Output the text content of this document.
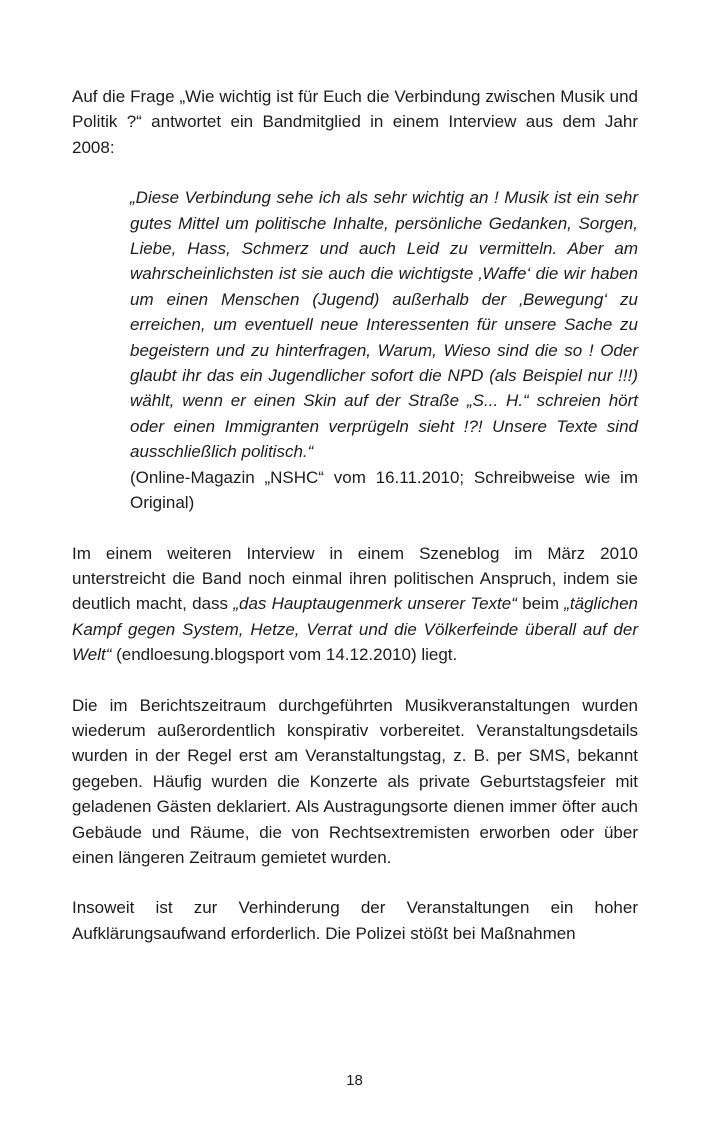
Auf die Frage „Wie wichtig ist für Euch die Verbindung zwischen Musik und Politik ?“ antwortet ein Bandmitglied in einem Interview aus dem Jahr 2008:

„Diese Verbindung sehe ich als sehr wichtig an ! Musik ist ein sehr gutes Mittel um politische Inhalte, persönliche Gedanken, Sorgen, Liebe, Hass, Schmerz und auch Leid zu vermitteln. Aber am wahrscheinlichsten ist sie auch die wichtigste ‚Waffe‘ die wir haben um einen Menschen (Jugend) außerhalb der ‚Bewegung‘ zu erreichen, um eventuell neue Interessenten für unsere Sache zu begeistern und zu hinterfragen, Warum, Wieso sind die so ! Oder glaubt ihr das ein Jugendlicher sofort die NPD (als Beispiel nur !!!) wählt, wenn er einen Skin auf der Straße „S... H.“ schreien hört oder einen Immigranten verprügeln sieht !?! Unsere Texte sind ausschließlich politisch.“

(Online-Magazin „NSHC“ vom 16.11.2010; Schreibweise wie im Original)

Im einem weiteren Interview in einem Szeneblog im März 2010 unterstreicht die Band noch einmal ihren politischen Anspruch, indem sie deutlich macht, dass „das Hauptaugenmerk unserer Texte“ beim „täglichen Kampf gegen System, Hetze, Verrat und die Völkerfeinde überall auf der Welt“ (endloesung.blogsport vom 14.12.2010) liegt.

Die im Berichtszeitraum durchgeführten Musikveranstaltungen wurden wiederum außerordentlich konspirativ vorbereitet. Veranstaltungsdetails wurden in der Regel erst am Veranstaltungstag, z. B. per SMS, bekannt gegeben. Häufig wurden die Konzerte als private Geburtstagsfeier mit geladenen Gästen deklariert. Als Austragungsorte dienen immer öfter auch Gebäude und Räume, die von Rechtsextremisten erworben oder über einen längeren Zeitraum gemietet wurden.

Insoweit ist zur Verhinderung der Veranstaltungen ein hoher Aufklärungsaufwand erforderlich. Die Polizei stößt bei Maßnahmen

18
